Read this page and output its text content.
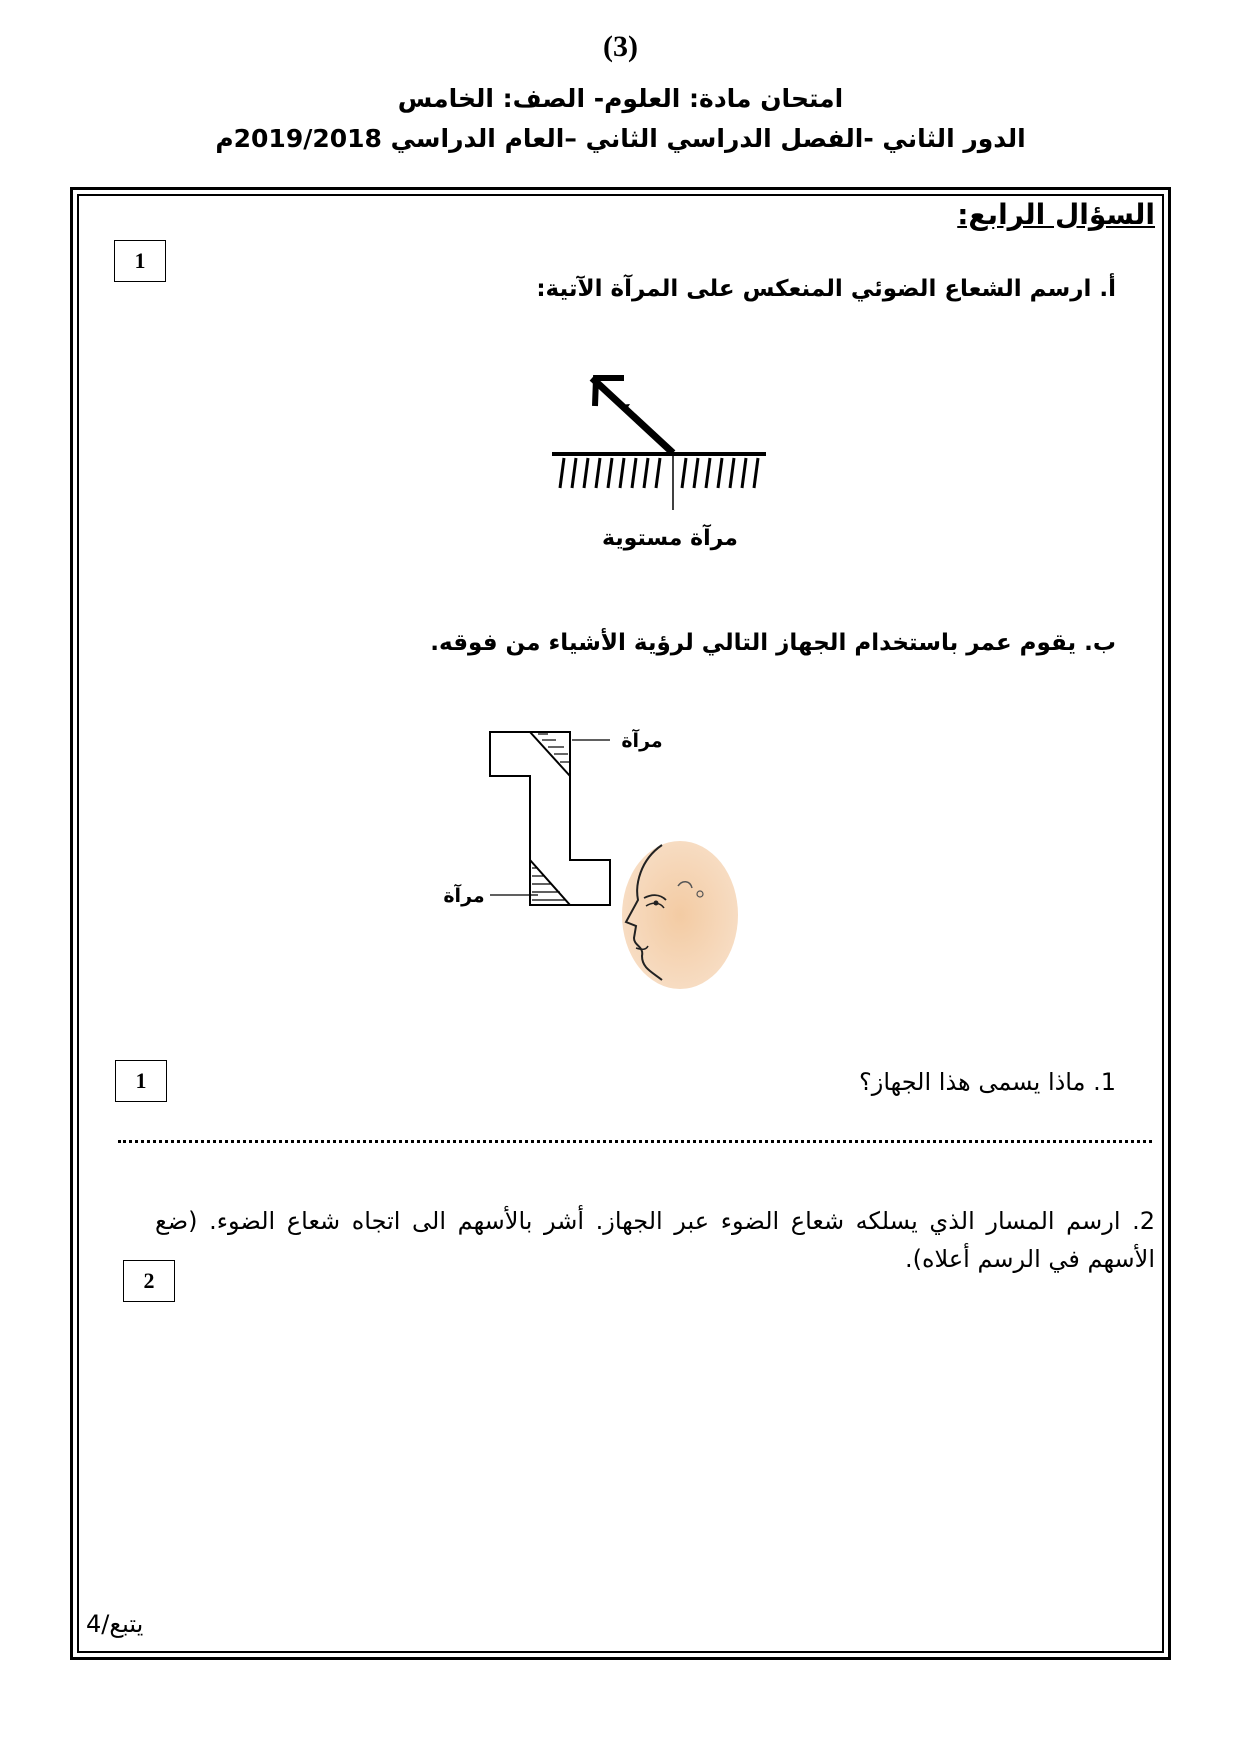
(3)
امتحان مادة: العلوم- الصف: الخامس
الدور الثاني -الفصل الدراسي الثاني –العام الدراسي 2019/2018م
السؤال الرابع:
1
أ. ارسم الشعاع الضوئي المنعكس على المرآة الآتية:
مرآة مستوية
ب. يقوم عمر باستخدام الجهاز التالي لرؤية الأشياء من فوقه.
مرآة
مرآة
1	1. ماذا يسمى هذا الجهاز؟
2. ارسم المسار الذي يسلكه شعاع الضوء عبر الجهاز. أشر بالأسهم الى اتجاه شعاع الضوء. (ضع الأسهم في الرسم أعلاه).
2
يتبع/4
